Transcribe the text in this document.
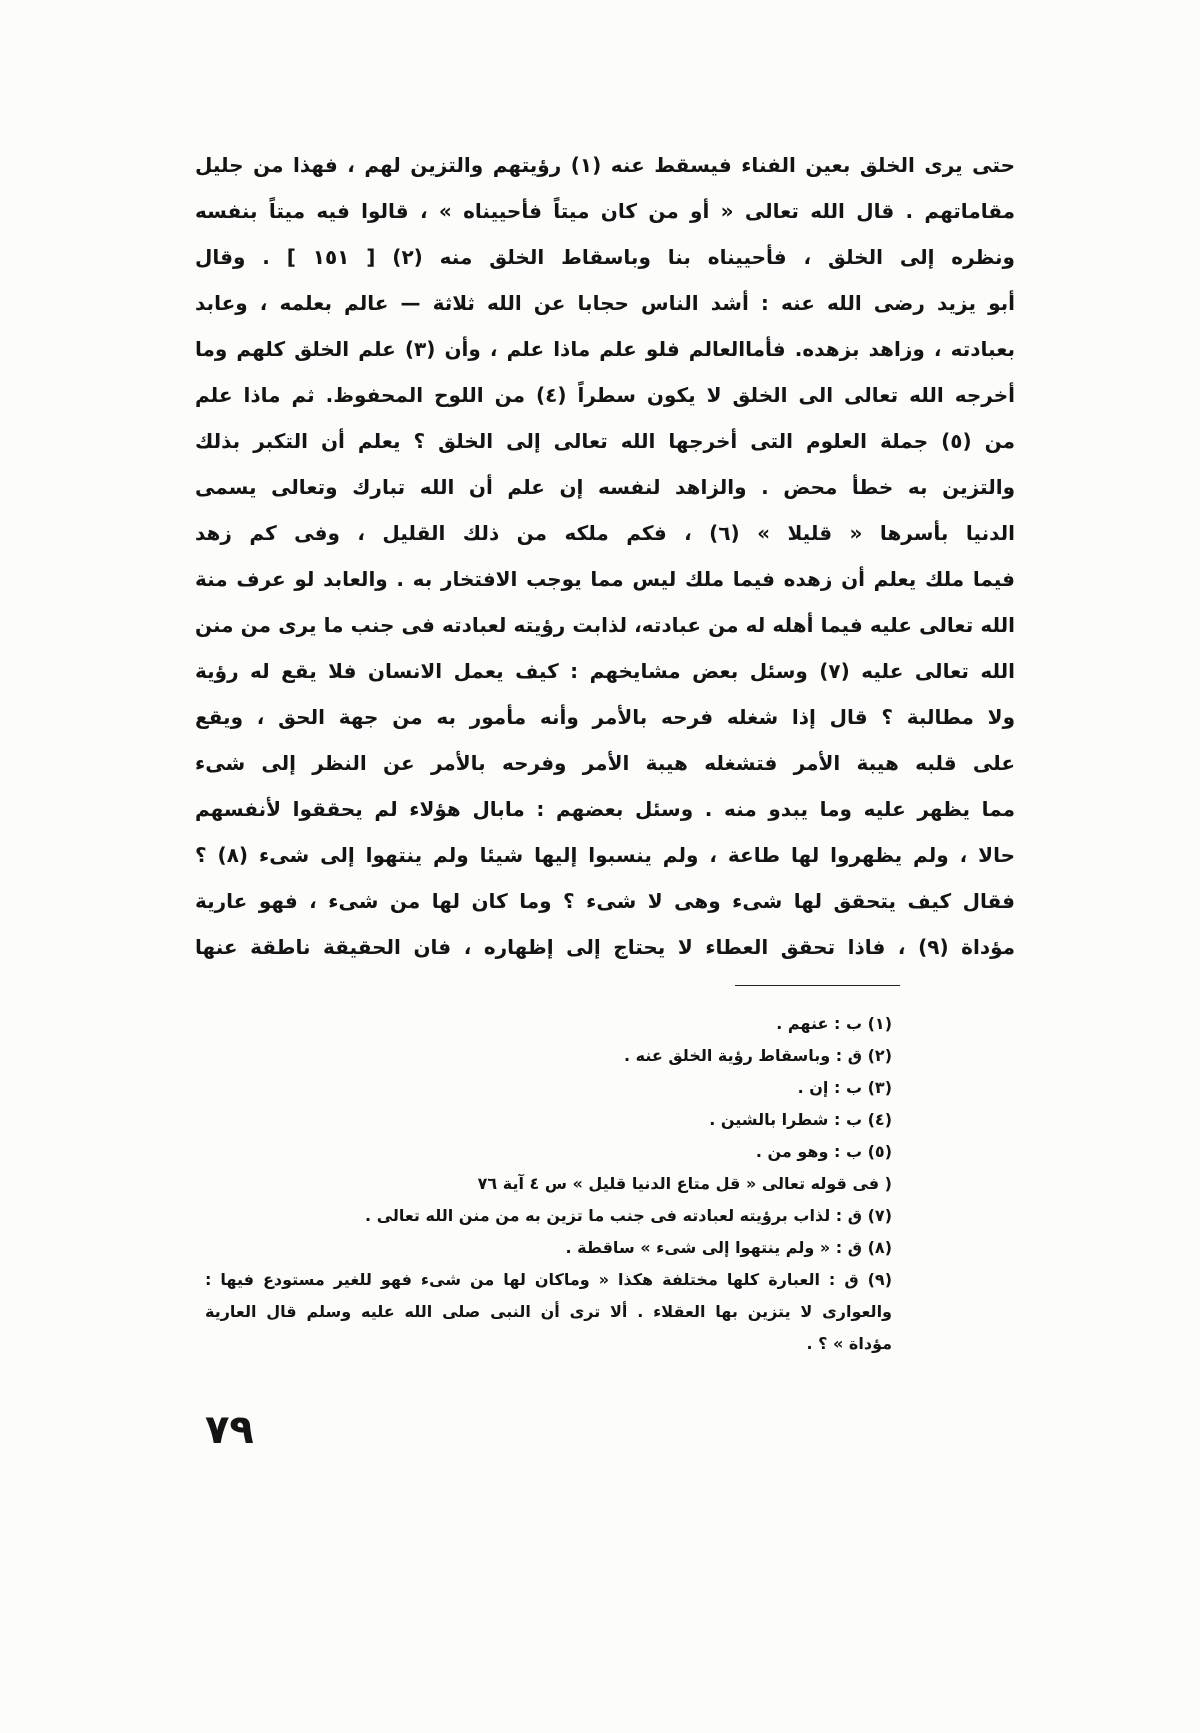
حتى يرى الخلق بعين الفناء فيسقط عنه (١) رؤيتهم والتزين لهم ، فهذا من جليل
مقاماتهم . قال الله تعالى « أو من كان ميتاً فأحييناه » ، قالوا فيه ميتاً بنفسه
ونظره إلى الخلق ، فأحييناه بنا وباسقاط الخلق منه (٢) [ ١٥١ ] . وقال
أبو يزيد رضى الله عنه : أشد الناس حجابا عن الله ثلاثة — عالم بعلمه ، وعابد
بعبادته ، وزاهد بزهده. فأماالعالم فلو علم ماذا علم ، وأن (٣) علم الخلق كلهم وما
أخرجه الله تعالى الى الخلق لا يكون سطراً (٤) من اللوح المحفوظ. ثم ماذا علم
من (٥) جملة العلوم التى أخرجها الله تعالى إلى الخلق ؟ يعلم أن التكبر بذلك
والتزين به خطأ محض . والزاهد لنفسه إن علم أن الله تبارك وتعالى يسمى
الدنيا بأسرها « قليلا » (٦) ، فكم ملكه من ذلك القليل ، وفى كم زهد
فيما ملك يعلم أن زهده فيما ملك ليس مما يوجب الافتخار به . والعابد لو عرف منة
الله تعالى عليه فيما أهله له من عبادته، لذابت رؤيته لعبادته فى جنب ما يرى من منن
الله تعالى عليه (٧) وسئل بعض مشايخهم : كيف يعمل الانسان فلا يقع له رؤية
ولا مطالبة ؟ قال إذا شغله فرحه بالأمر وأنه مأمور به من جهة الحق ، ويقع
على قلبه هيبة الأمر فتشغله هيبة الأمر وفرحه بالأمر عن النظر إلى شىء
مما يظهر عليه وما يبدو منه . وسئل بعضهم : مابال هؤلاء لم يحققوا لأنفسهم
حالا ، ولم يظهروا لها طاعة ، ولم ينسبوا إليها شيئا ولم ينتهوا إلى شىء (٨) ؟
فقال كيف يتحقق لها شىء وهى لا شىء ؟ وما كان لها من شىء ، فهو عارية
مؤداة (٩) ، فاذا تحقق العطاء لا يحتاج إلى إظهاره ، فان الحقيقة ناطقة عنها
(١) ب : عنهم .
(٢) ق : وباسقاط رؤية الخلق عنه .
(٣) ب : إن .
(٤) ب : شطرا بالشين .
(٥) ب : وهو من .
( فى قوله تعالى « قل متاع الدنيا قليل » س ٤ آية ٧٦
(٧) ق : لذاب برؤيته لعبادته فى جنب ما تزين به من منن الله تعالى .
(٨) ق : « ولم ينتهوا إلى شىء » ساقطة .
(٩) ق : العبارة كلها مختلفة هكذا « وماكان لها من شىء فهو للغير مستودع فيها :
والعوارى لا يتزين بها العقلاء . ألا ترى أن النبى صلى الله عليه وسلم قال العارية
مؤداة » ؟ .
٧٩
